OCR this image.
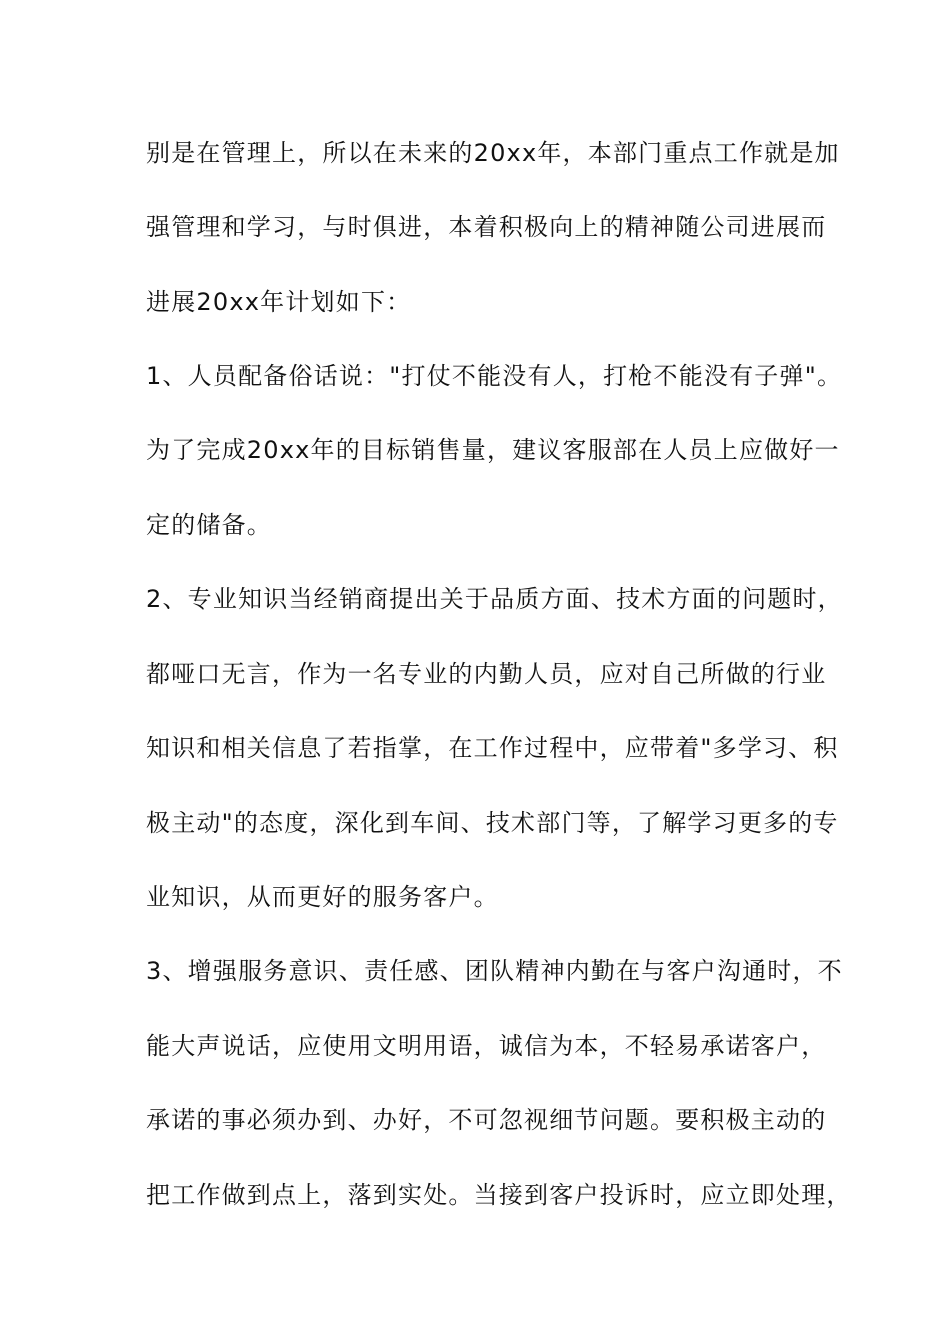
别是在管理上，所以在未来的20xx年，本部门重点工作就是加
强管理和学习，与时俱进，本着积极向上的精神随公司进展而
进展20xx年计划如下：
1、人员配备俗话说："打仗不能没有人，打枪不能没有子弹"。
为了完成20xx年的目标销售量，建议客服部在人员上应做好一
定的储备。
2、专业知识当经销商提出关于品质方面、技术方面的问题时，
都哑口无言，作为一名专业的内勤人员，应对自己所做的行业
知识和相关信息了若指掌，在工作过程中，应带着"多学习、积
极主动"的态度，深化到车间、技术部门等，了解学习更多的专
业知识，从而更好的服务客户。
3、增强服务意识、责任感、团队精神内勤在与客户沟通时，不
能大声说话，应使用文明用语，诚信为本，不轻易承诺客户，
承诺的事必须办到、办好，不可忽视细节问题。要积极主动的
把工作做到点上，落到实处。当接到客户投诉时，应立即处理，
